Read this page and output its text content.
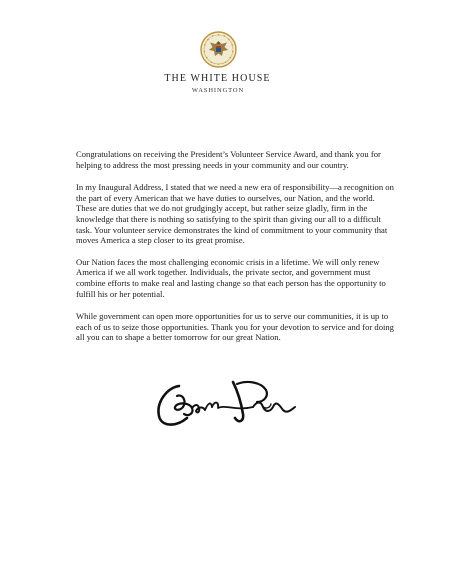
THE WHITE HOUSE
WASHINGTON

Congratulations on receiving the President’s Volunteer Service Award, and thank you for helping to address the most pressing needs in your community and our country.

In my Inaugural Address, I stated that we need a new era of responsibility—a recognition on the part of every American that we have duties to ourselves, our Nation, and the world. These are duties that we do not grudgingly accept, but rather seize gladly, firm in the knowledge that there is nothing so satisfying to the spirit than giving our all to a difficult task. Your volunteer service demonstrates the kind of commitment to your community that moves America a step closer to its great promise.

Our Nation faces the most challenging economic crisis in a lifetime. We will only renew America if we all work together. Individuals, the private sector, and government must combine efforts to make real and lasting change so that each person has the opportunity to fulfill his or her potential.

While government can open more opportunities for us to serve our communities, it is up to each of us to seize those opportunities. Thank you for your devotion to service and for doing all you can to shape a better tomorrow for our great Nation.
